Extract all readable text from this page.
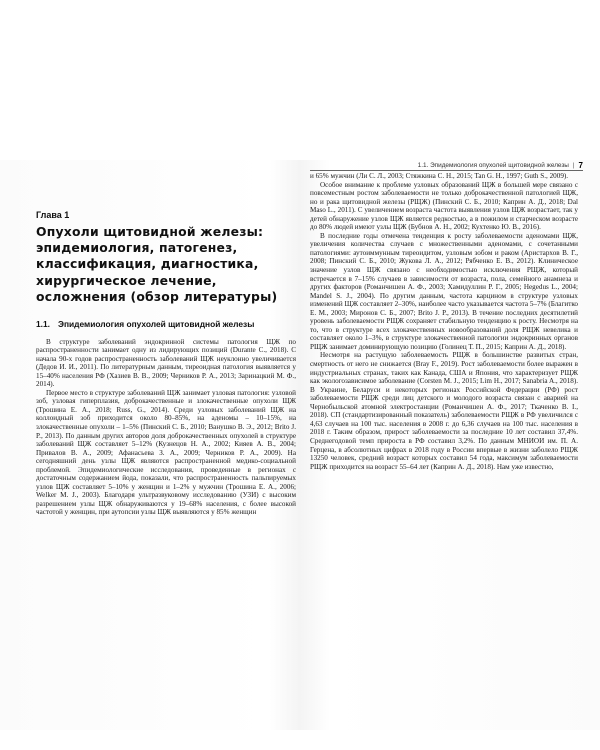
1.1. Эпидемиология опухолей щитовидной железы | 7
Глава 1
Опухоли щитовидной железы: эпидемиология, патогенез, классификация, диагностика, хирургическое лечение, осложнения (обзор литературы)
1.1. Эпидемиология опухолей щитовидной железы

В структуре заболеваний эндокринной системы патология ЩЖ по распространенности занимает одну из лидирующих позиций (Durante C., 2018). С начала 90-х годов распространенность заболеваний ЩЖ неуклонно увеличивается (Дедов И. И., 2011). По литературным данным, тиреоидная патология выявляется у 15–40% населения РФ (Хазиев В. В., 2009; Черников Р. А., 2013; Заринацкий М. Ф., 2014).

Первое место в структуре заболеваний ЩЖ занимает узловая патология: узловой зоб, узловая гиперплазия, доброкачественные и злокачественные опухоли ЩЖ (Трошина Е. А., 2018; Russ, G., 2014). Среди узловых заболеваний ЩЖ на коллоидный зоб приходится около 80–85%, на аденомы – 10–15%, на злокачественные опухоли – 1–5% (Пинский С. Б., 2010; Ванушко В. Э., 2012; Brito J. P., 2013). По данным других авторов доля доброкачественных опухолей в структуре заболеваний ЩЖ составляет 5–12% (Кузнецов Н. А., 2002; Кияев А. В., 2004; Привалов В. А., 2009; Афанасьева З. А., 2009; Черников Р. А., 2009). На сегодняшний день узлы ЩЖ являются распространенной медико-социальной проблемой. Эпидемиологические исследования, проведенные в регионах с достаточным содержанием йода, показали, что распространенность пальпируемых узлов ЩЖ составляет 5–10% у женщин и 1–2% у мужчин (Трошина Е. А., 2006; Welker M. J., 2003). Благодаря ультразвуковому исследованию (УЗИ) с высоким разрешением узлы ЩЖ обнаруживаются у 19–68% населения, с более высокой частотой у женщин, при аутопсии узлы ЩЖ выявляются у 85% женщин

и 65% мужчин (Ли С. Л., 2003; Стяжкина С. Н., 2015; Tan G. H., 1997; Guth S., 2009).

Особое внимание к проблеме узловых образований ЩЖ в большей мере связано с повсеместным ростом заболеваемости не только доброкачественной патологией ЩЖ, но и рака щитовидной железы (РЩЖ) (Пинский С. Б., 2010; Каприн А. Д., 2018; Dal Maso L., 2011). С увеличением возраста частота выявления узлов ЩЖ возрастает, так у детей обнаружение узлов ЩЖ является редкостью, а в пожилом и старческом возрасте до 80% людей имеют узлы ЩЖ (Бубнов А. Н., 2002; Кухтенко Ю. В., 2016).

В последние годы отмечена тенденция к росту заболеваемости аденомами ЩЖ, увеличения количества случаев с множественными аденомами, с сочетанными патологиями: аутоиммунным тиреоидитом, узловым зобом и раком (Аристархов В. Г., 2008; Пинский С. Б., 2010; Жукова Л. А., 2012; Рябченко Е. В., 2012). Клиническое значение узлов ЩЖ связано с необходимостью исключения РЩЖ, который встречается в 7–15% случаев в зависимости от возраста, пола, семейного анамнеза и других факторов (Романчишен А. Ф., 2003; Хамидуллин Р. Г., 2005; Hegedus L., 2004; Mandel S. J., 2004). По другим данным, частота карцином в структуре узловых изменений ЩЖ составляет 2–30%, наиболее часто указывается частота 5–7% (Благитко Е. М., 2003; Миронов С. Б., 2007; Brito J. P., 2013). В течение последних десятилетий уровень заболеваемости РЩЖ сохраняет стабильную тенденцию к росту. Несмотря на то, что в структуре всех злокачественных новообразований доля РЩЖ невелика и составляет около 1–3%, в структуре злокачественной патологии эндокринных органов РЩЖ занимает доминирующую позицию (Голинец Т. П., 2015; Каприн А. Д., 2018).

Несмотря на растущую заболеваемость РЩЖ в большинстве развитых стран, смертность от него не снижается (Bray F., 2019). Рост заболеваемости более выражен в индустриальных странах, таких как Канада, США и Япония, что характеризует РЩЖ как экологозависимое заболевание (Corsten M. J., 2015; Lim H., 2017; Sanabria A., 2018). В Украине, Беларуси и некоторых регионах Российской Федерации (РФ) рост заболеваемости РЩЖ среди лиц детского и молодого возраста связан с аварией на Чернобыльской атомной электростанции (Романчишен А. Ф., 2017; Ткаченко В. І., 2018). СП (стандартизированный показатель) заболеваемости РЩЖ в РФ увеличился с 4,63 случаев на 100 тыс. населения в 2008 г. до 6,36 случаев на 100 тыс. населения в 2018 г. Таким образом, прирост заболеваемости за последние 10 лет составил 37,4%. Среднегодовой темп прироста в РФ составил 3,2%. По данным МНИОИ им. П. А. Герцена, в абсолютных цифрах в 2018 году в России впервые в жизни заболело РЩЖ 13250 человек, средний возраст которых составил 54 года, максимум заболеваемости РЩЖ приходится на возраст 55–64 лет (Каприн А. Д., 2018). Нам уже известно,
